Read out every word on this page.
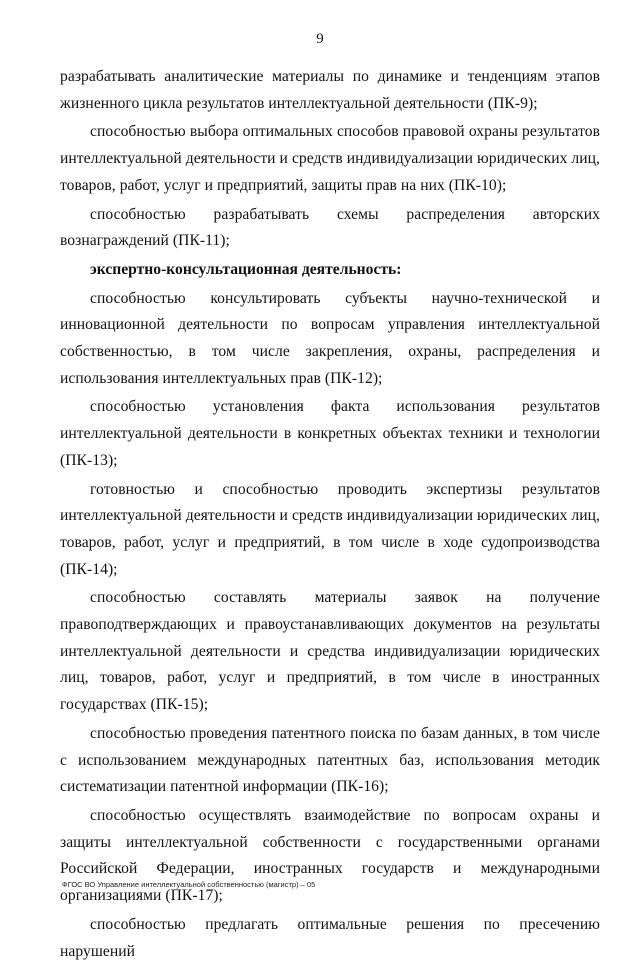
9

разрабатывать аналитические материалы по динамике и тенденциям этапов жизненного цикла результатов интеллектуальной деятельности (ПК-9);

способностью выбора оптимальных способов правовой охраны результатов интеллектуальной деятельности и средств индивидуализации юридических лиц, товаров, работ, услуг и предприятий, защиты прав на них (ПК-10);

способностью разрабатывать схемы распределения авторских вознаграждений (ПК-11);

экспертно-консультационная деятельность:

способностью консультировать субъекты научно-технической и инновационной деятельности по вопросам управления интеллектуальной собственностью, в том числе закрепления, охраны, распределения и использования интеллектуальных прав (ПК-12);

способностью установления факта использования результатов интеллектуальной деятельности в конкретных объектах техники и технологии (ПК-13);

готовностью и способностью проводить экспертизы результатов интеллектуальной деятельности и средств индивидуализации юридических лиц, товаров, работ, услуг и предприятий, в том числе в ходе судопроизводства (ПК-14);

способностью составлять материалы заявок на получение правоподтверждающих и правоустанавливающих документов на результаты интеллектуальной деятельности и средства индивидуализации юридических лиц, товаров, работ, услуг и предприятий, в том числе в иностранных государствах (ПК-15);

способностью проведения патентного поиска по базам данных, в том числе с использованием международных патентных баз, использования методик систематизации патентной информации (ПК-16);

способностью осуществлять взаимодействие по вопросам охраны и защиты интеллектуальной собственности с государственными органами Российской Федерации, иностранных государств и международными организациями (ПК-17);

способностью предлагать оптимальные решения по пресечению нарушений

ФГОС ВО Управление интеллектуальной собственностью (магистр) – 05
